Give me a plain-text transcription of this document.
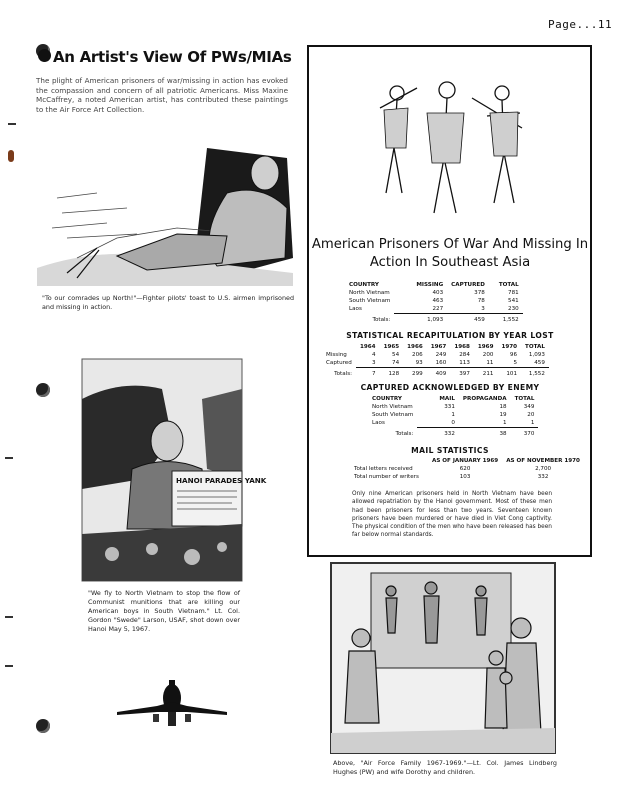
Page...11
An Artist's View Of PWs/MIAs
The plight of American prisoners of war/missing in action has evoked the compassion and concern of all patriotic Americans. Miss Maxine McCaffrey, a noted American artist, has contributed these paintings to the Air Force Art Collection.
"To our comrades up North!"—Fighter pilots' toast to U.S. airmen imprisoned and missing in action.
HANOI PARADES YANK
"We fly to North Vietnam to stop the flow of Communist munitions that are killing our American boys in South Vietnam." Lt. Col. Gordon "Swede" Larson, USAF, shot down over Hanoi May 5, 1967.
American Prisoners Of War And Missing In Action In Southeast Asia
COUNTRY	MISSING	CAPTURED	TOTAL
North Vietnam	403	378	781
South Vietnam	463	78	541
Laos	227	3	230
Totals:	1,093	459	1,552
STATISTICAL RECAPITULATION BY YEAR LOST
	1964	1965	1966	1967	1968	1969	1970	TOTAL
Missing	4	54	206	249	284	200	96	1,093
Captured	3	74	93	160	113	11	5	459
Totals:	7	128	299	409	397	211	101	1,552
CAPTURED ACKNOWLEDGED BY ENEMY
COUNTRY	MAIL	PROPAGANDA	TOTAL
North Vietnam	331	18	349
South Vietnam	1	19	20
Laos	0	1	1
Totals:	332	38	370
MAIL STATISTICS
	AS OF JANUARY 1969	AS OF NOVEMBER 1970
Total letters received	620	2,700
Total number of writers	103	332
Only nine American prisoners held in North Vietnam have been allowed repatriation by the Hanoi government. Most of these men had been prisoners for less than two years. Seventeen known prisoners have been murdered or have died in Viet Cong captivity. The physical condition of the men who have been released has been far below normal standards.
Above, "Air Force Family 1967-1969."—Lt. Col. James Lindberg Hughes (PW) and wife Dorothy and children.
